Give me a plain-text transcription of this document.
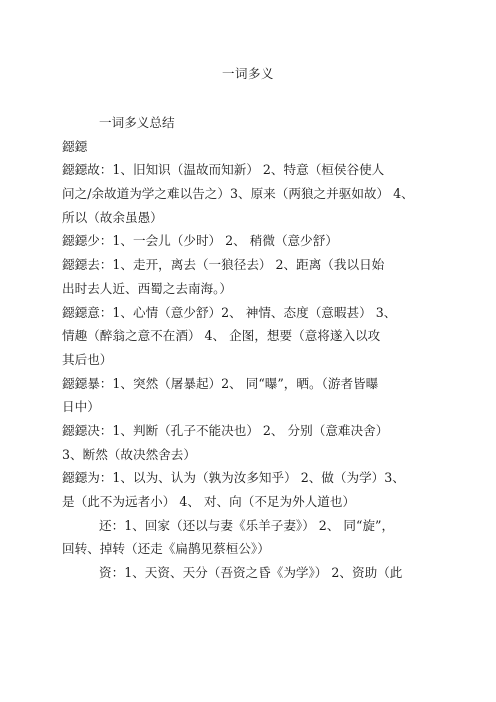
一词多义
一词多义总结
鐚鐚
鐚鐚故：1、旧知识（温故而知新） 2、特意（桓侯谷使人
问之/余故道为学之难以告之）3、原来（两狼之并驱如故） 4、
所以（故余虽愚）
鐚鐚少：1、一会儿（少时） 2、 稍微（意少舒）
鐚鐚去：1、走开，离去（一狼径去） 2、距离（我以日始
出时去人近、西蜀之去南海。）
鐚鐚意：1、心情（意少舒）2、 神情、态度（意暇甚） 3、
情趣（醉翁之意不在酒） 4、 企图，想要（意将遂入以攻
其后也）
鐚鐚暴：1、突然（屠暴起）2、 同“曝”，晒。（游者皆曝
日中）
鐚鐚决：1、判断（孔子不能决也） 2、 分别（意难决舍）
3、断然（故决然舍去）
鐚鐚为：1、以为、认为（孰为汝多知乎） 2、做（为学）3、
是（此不为远者小） 4、 对、向（不足为外人道也）
还：1、回家（还以与妻《乐羊子妻》） 2、 同“旋”，
回转、掉转（还走《扁鹊见蔡桓公》）
资：1、天资、天分（吾资之昏《为学》） 2、资助（此
